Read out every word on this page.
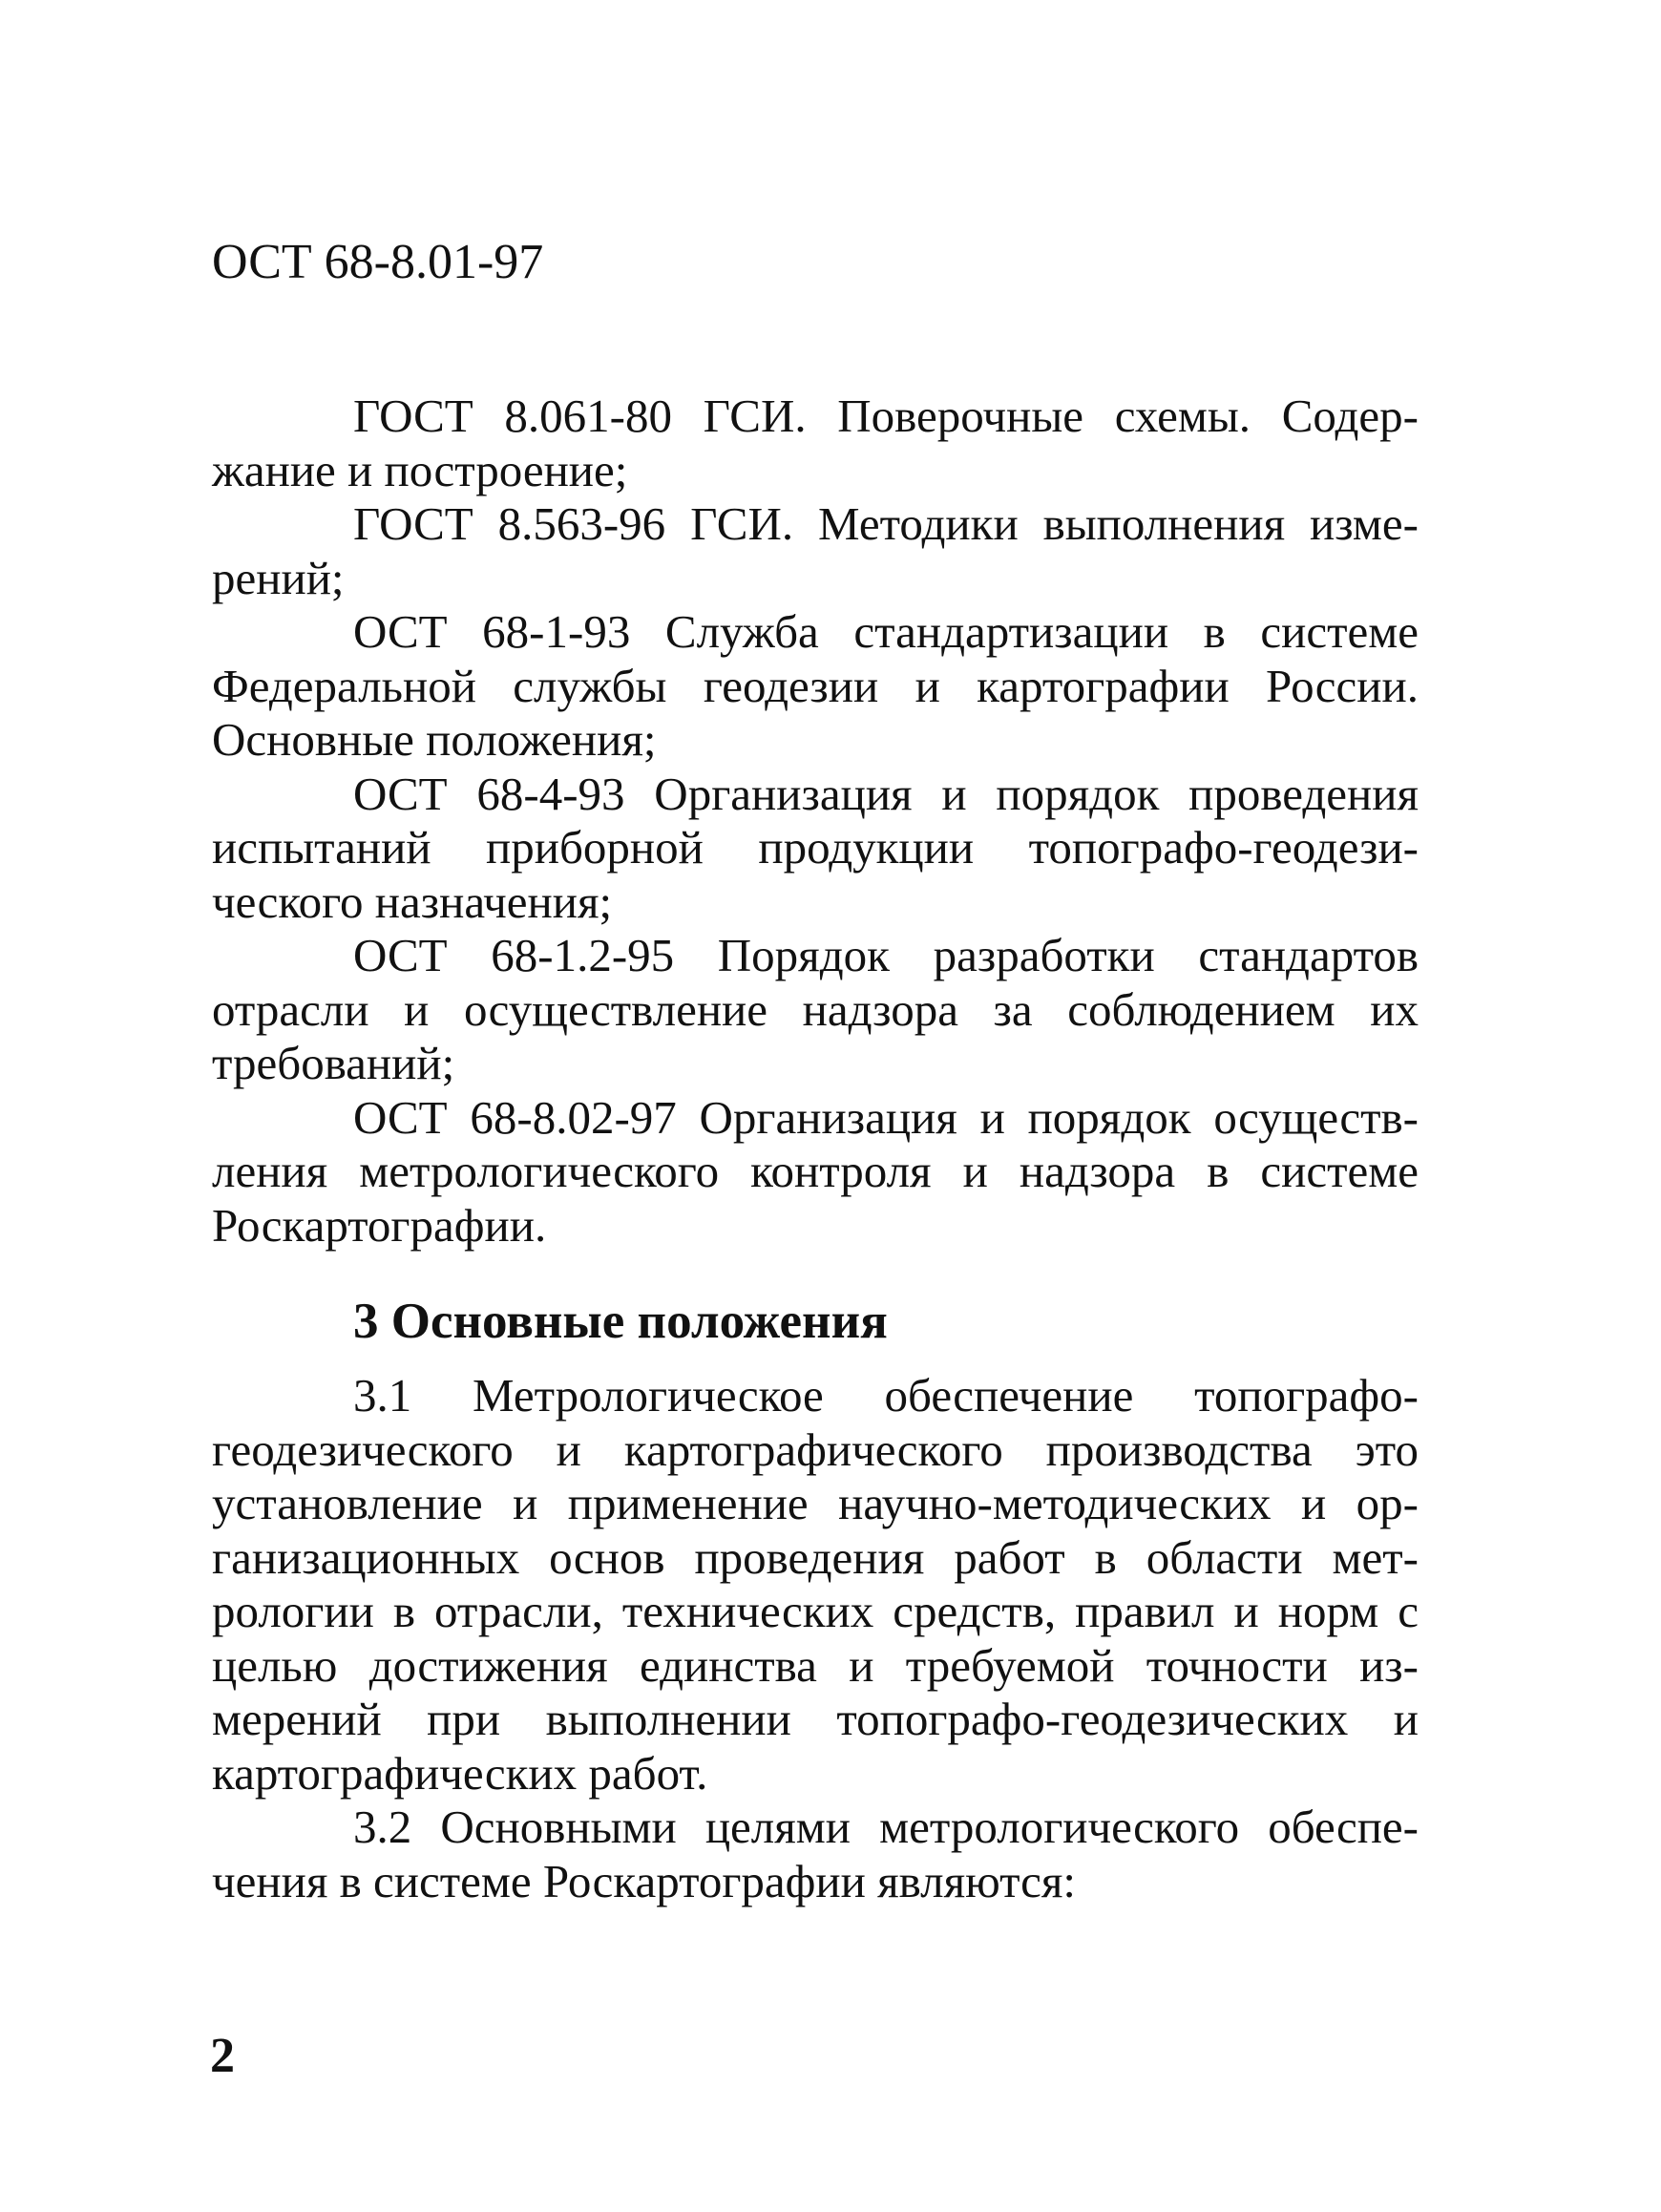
ОСТ 68-8.01-97

ГОСТ 8.061-80 ГСИ. Поверочные схемы. Содержание и построение;

ГОСТ 8.563-96 ГСИ. Методики выполнения измерений;

ОСТ 68-1-93 Служба стандартизации в системе Федеральной службы геодезии и картографии России. Основные положения;

ОСТ 68-4-93 Организация и порядок проведения испытаний приборной продукции топографо-геодезического назначения;

ОСТ 68-1.2-95 Порядок разработки стандартов отрасли и осуществление надзора за соблюдением их требований;

ОСТ 68-8.02-97 Организация и порядок осуществления метрологического контроля и надзора в системе Роскартографии.

3 Основные положения

3.1 Метрологическое обеспечение топографо-геодезического и картографического производства это установление и применение научно-методических и организационных основ проведения работ в области метрологии в отрасли, технических средств, правил и норм с целью достижения единства и требуемой точности измерений при выполнении топографо-геодезических и картографических работ.

3.2 Основными целями метрологического обеспечения в системе Роскартографии являются:

2
